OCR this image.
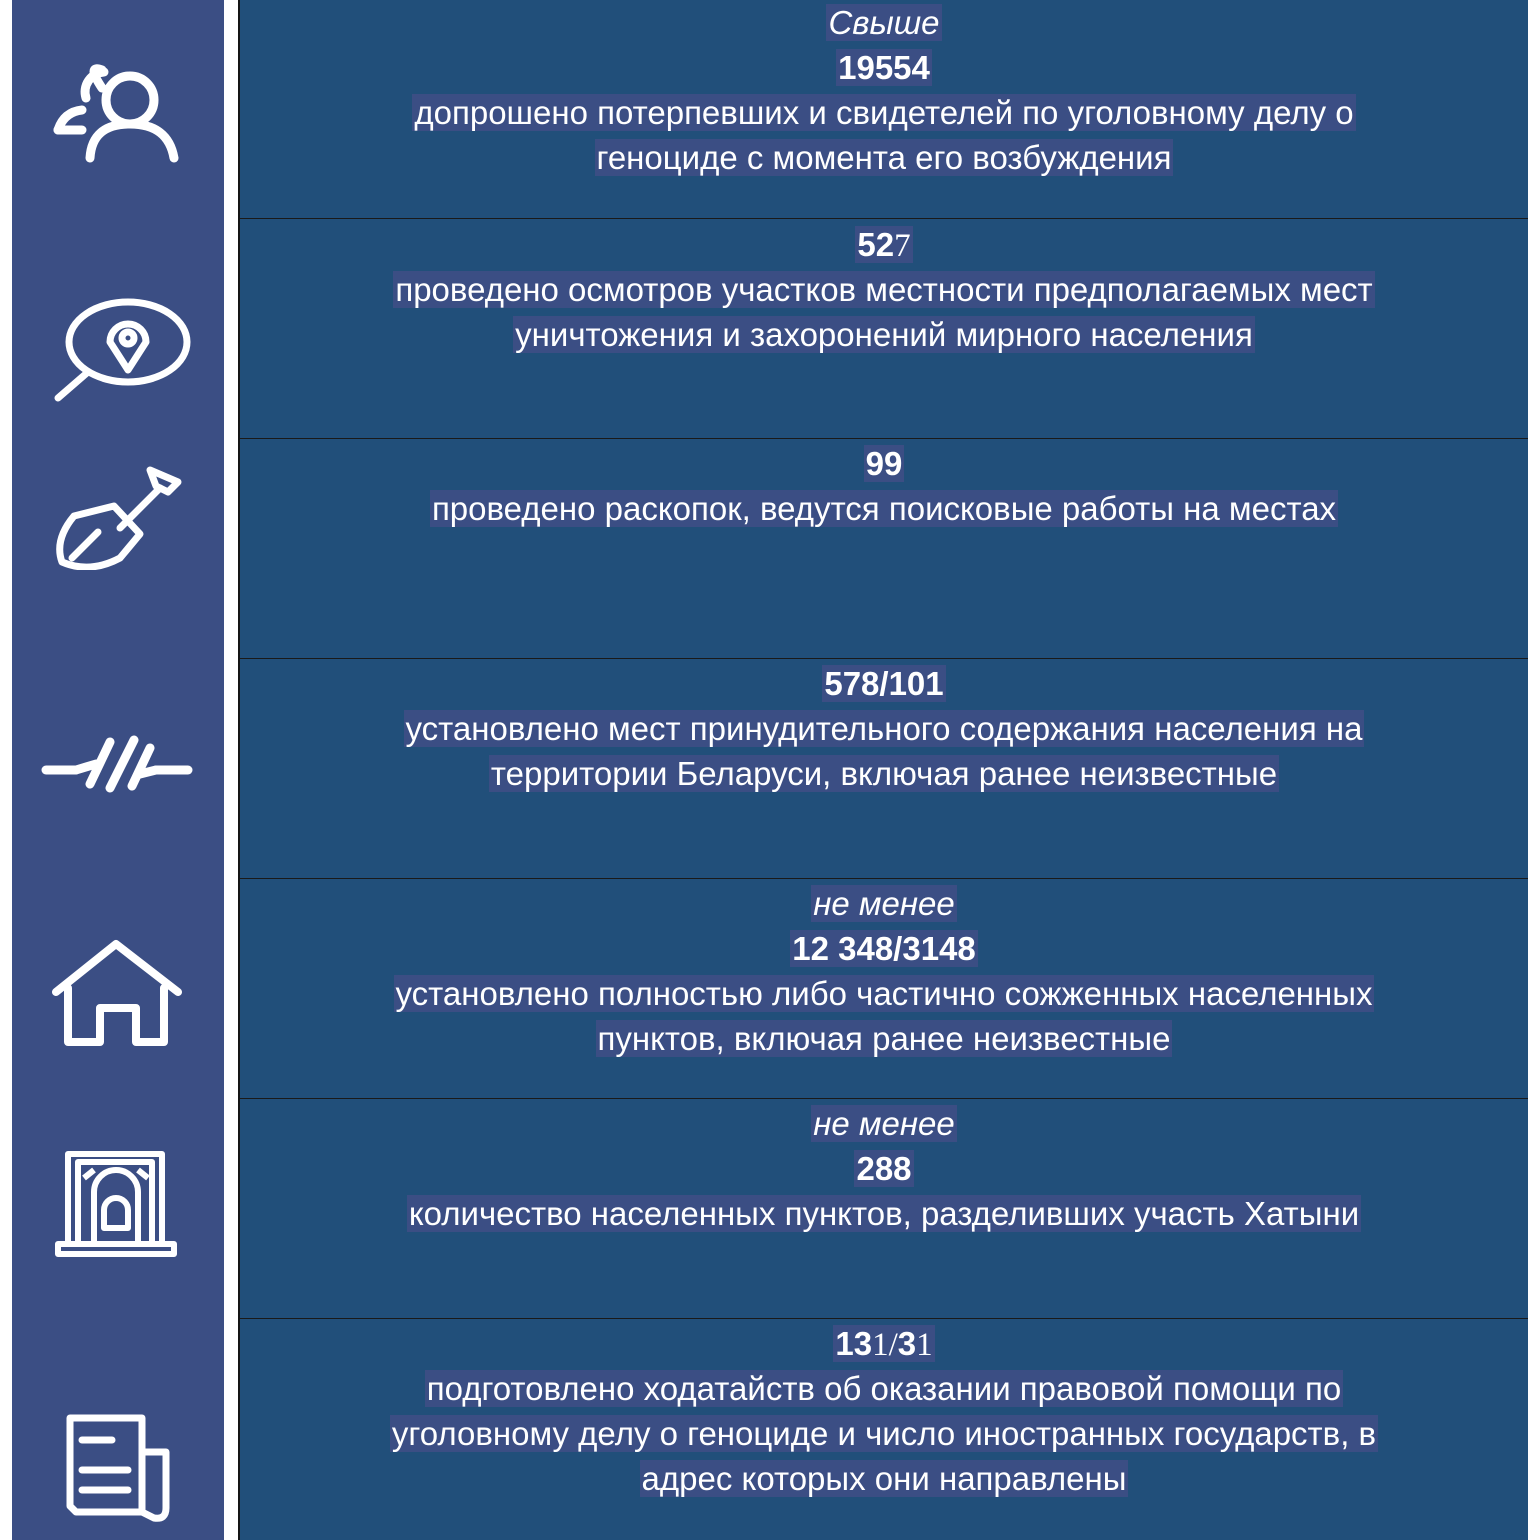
Свыше
19554
допрошено потерпевших и свидетелей по уголовному делу о
геноциде с момента его возбуждения
527
проведено осмотров участков местности предполагаемых мест
уничтожения и захоронений мирного населения
99
проведено раскопок, ведутся поисковые работы на местах
578/101
установлено мест принудительного содержания населения на
территории Беларуси, включая ранее неизвестные
не менее
12 348/3148
установлено полностью либо частично сожженных населенных
пунктов, включая ранее неизвестные
не менее
288
количество населенных пунктов, разделивших участь Хатыни
131/31
подготовлено ходатайств об оказании правовой помощи по
уголовному делу о геноциде и число иностранных государств, в
адрес которых они направлены
